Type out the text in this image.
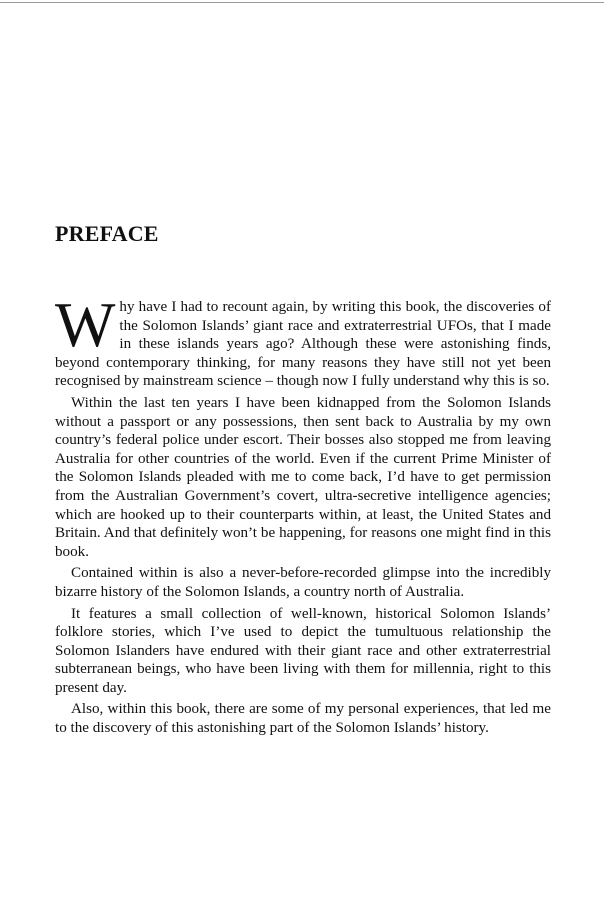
PREFACE

Why have I had to recount again, by writing this book, the discoveries of the Solomon Islands’ giant race and extraterrestrial UFOs, that I made in these islands years ago? Although these were astonishing finds, beyond contemporary thinking, for many reasons they have still not yet been recognised by mainstream science – though now I fully understand why this is so.

Within the last ten years I have been kidnapped from the Solomon Islands without a passport or any possessions, then sent back to Australia by my own country’s federal police under escort. Their bosses also stopped me from leaving Australia for other countries of the world. Even if the current Prime Minister of the Solomon Islands pleaded with me to come back, I’d have to get permission from the Australian Government’s covert, ultra-secretive intelligence agencies; which are hooked up to their counterparts within, at least, the United States and Britain. And that definitely won’t be happening, for reasons one might find in this book.

Contained within is also a never-before-recorded glimpse into the incredibly bizarre history of the Solomon Islands, a country north of Australia.

It features a small collection of well-known, historical Solomon Islands’ folklore stories, which I’ve used to depict the tumultuous relationship the Solomon Islanders have endured with their giant race and other extraterrestrial subterranean beings, who have been living with them for millennia, right to this present day.

Also, within this book, there are some of my personal experiences, that led me to the discovery of this astonishing part of the Solomon Islands’ history.
